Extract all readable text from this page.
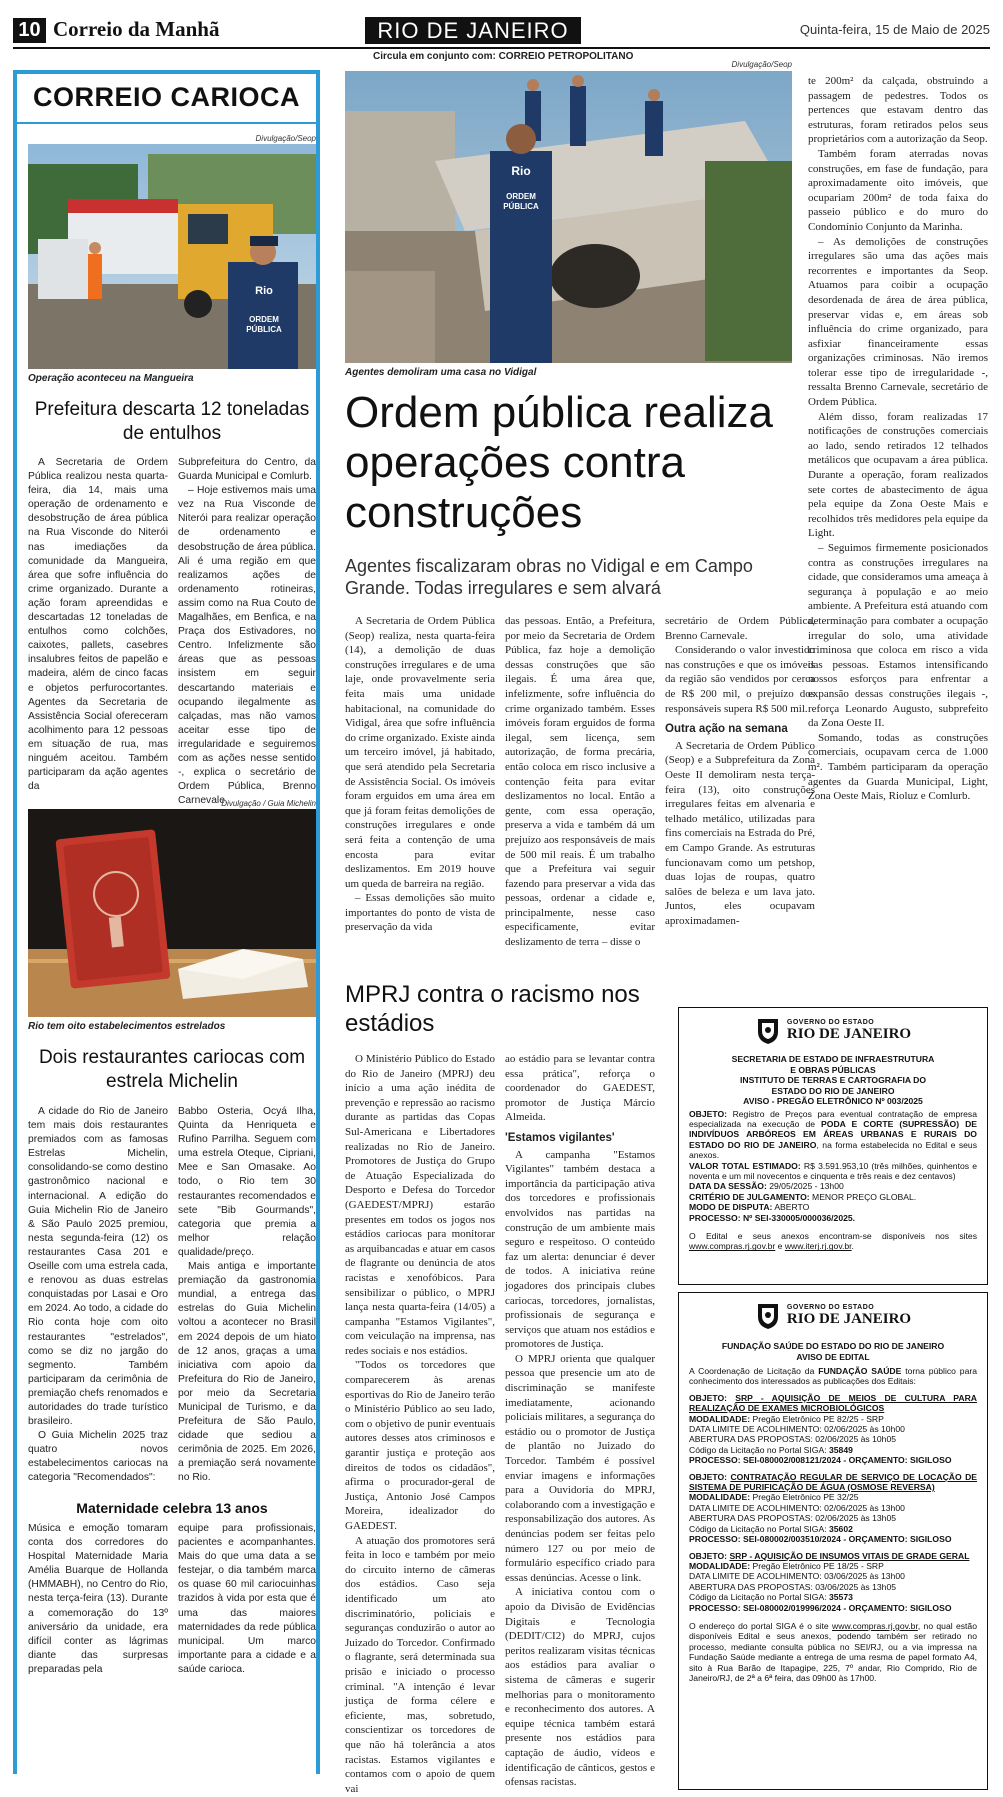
10 Correio da Manhã	RIO DE JANEIRO	Quinta-feira, 15 de Maio de 2025
Circula em conjunto com: CORREIO PETROPOLITANO
CORREIO CARIOCA
Divulgação/Seop
Rio
ORDEM
PÚBLICA
Operação aconteceu na Mangueira
Prefeitura descarta 12 toneladas de entulhos

A Secretaria de Ordem Pública realizou nesta quarta-feira, dia 14, mais uma operação de ordenamento e desobstrução de área pública na Rua Visconde do Niterói nas imediações da comunidade da Mangueira, área que sofre influência do crime organizado. Durante a ação foram apreendidas e descartadas 12 toneladas de entulhos como colchões, caixotes, pallets, casebres insalubres feitos de papelão e madeira, além de cinco facas e objetos perfurocortantes. Agentes da Secretaria de Assistência Social ofereceram acolhimento para 12 pessoas em situação de rua, mas ninguém aceitou. Também participaram da ação agentes da

Subprefeitura do Centro, da Guarda Municipal e Comlurb.

– Hoje estivemos mais uma vez na Rua Visconde de Niterói para realizar operação de ordenamento e desobstrução de área pública. Ali é uma região em que realizamos ações de ordenamento rotineiras, assim como na Rua Couto de Magalhães, em Benfica, e na Praça dos Estivadores, no Centro. Infelizmente são áreas que as pessoas insistem em seguir descartando materiais e ocupando ilegalmente as calçadas, mas não vamos aceitar esse tipo de irregularidade e seguiremos com as ações nesse sentido -, explica o secretário de Ordem Pública, Brenno Carnevale.

Divulgação / Guia Michelin
Rio tem oito estabelecimentos estrelados
Dois restaurantes cariocas com estrela Michelin

A cidade do Rio de Janeiro tem mais dois restaurantes premiados com as famosas Estrelas Michelin, consolidando-se como destino gastronômico nacional e internacional. A edição do Guia Michelin Rio de Janeiro & São Paulo 2025 premiou, nesta segunda-feira (12) os restaurantes Casa 201 e Oseille com uma estrela cada, e renovou as duas estrelas conquistadas por Lasai e Oro em 2024. Ao todo, a cidade do Rio conta hoje com oito restaurantes "estrelados", como se diz no jargão do segmento. Também participaram da cerimônia de premiação chefs renomados e autoridades do trade turístico brasileiro.

O Guia Michelin 2025 traz quatro novos estabelecimentos cariocas na categoria "Recomendados":

Babbo Osteria, Ocyá Ilha, Quinta da Henriqueta e Rufino Parrilha. Seguem com uma estrela Oteque, Cipriani, Mee e San Omasake. Ao todo, o Rio tem 30 restaurantes recomendados e sete "Bib Gourmands", categoria que premia a melhor relação qualidade/preço.

Mais antiga e importante premiação da gastronomia mundial, a entrega das estrelas do Guia Michelin voltou a acontecer no Brasil em 2024 depois de um hiato de 12 anos, graças a uma iniciativa com apoio da Prefeitura do Rio de Janeiro, por meio da Secretaria Municipal de Turismo, e da Prefeitura de São Paulo, cidade que sediou a cerimônia de 2025. Em 2026, a premiação será novamente no Rio.

Maternidade celebra 13 anos

Música e emoção tomaram conta dos corredores do Hospital Maternidade Maria Amélia Buarque de Hollanda (HMMABH), no Centro do Rio, nesta terça-feira (13). Durante a comemoração do 13º aniversário da unidade, era difícil conter as lágrimas diante das surpresas preparadas pela

equipe para profissionais, pacientes e acompanhantes. Mais do que uma data a se festejar, o dia também marca os quase 60 mil cariocuinhas trazidos à vida por esta que é uma das maiores maternidades da rede pública municipal. Um marco importante para a cidade e a saúde carioca.

Divulgação/Seop
Rio
ORDEM
PÚBLICA
Agentes demoliram uma casa no Vidigal
Ordem pública realiza operações contra construções
Agentes fiscalizaram obras no Vidigal e em Campo Grande. Todas irregulares e sem alvará

te 200m² da calçada, obstruindo a passagem de pedestres. Todos os pertences que estavam dentro das estruturas, foram retirados pelos seus proprietários com a autorização da Seop.

Também foram aterradas novas construções, em fase de fundação, para aproximadamente oito imóveis, que ocupariam 200m² de toda faixa do passeio público e do muro do Condomínio Conjunto da Marinha.

– As demolições de construções irregulares são uma das ações mais recorrentes e importantes da Seop. Atuamos para coibir a ocupação desordenada de área de área pública, preservar vidas e, em áreas sob influência do crime organizado, para asfixiar financeiramente essas organizações criminosas. Não iremos tolerar esse tipo de irregularidade -, ressalta Brenno Carnevale, secretário de Ordem Pública.

Além disso, foram realizadas 17 notificações de construções comerciais ao lado, sendo retirados 12 telhados metálicos que ocupavam a área pública. Durante a operação, foram realizados sete cortes de abastecimento de água pela equipe da Zona Oeste Mais e recolhidos três medidores pela equipe da Light.

– Seguimos firmemente posicionados contra as construções irregulares na cidade, que consideramos uma ameaça à segurança à população e ao meio ambiente. A Prefeitura está atuando com determinação para combater a ocupação irregular do solo, uma atividade criminosa que coloca em risco a vida das pessoas. Estamos intensificando nossos esforços para enfrentar a expansão dessas construções ilegais -, reforça Leonardo Augusto, subprefeito da Zona Oeste II.

Somando, todas as construções comerciais, ocupavam cerca de 1.000 m². Também participaram da operação agentes da Guarda Municipal, Light, Zona Oeste Mais, Rioluz e Comlurb.

A Secretaria de Ordem Pública (Seop) realiza, nesta quarta-feira (14), a demolição de duas construções irregulares e de uma laje, onde provavelmente seria feita mais uma unidade habitacional, na comunidade do Vidigal, área que sofre influência do crime organizado. Existe ainda um terceiro imóvel, já habitado, que será atendido pela Secretaria de Assistência Social. Os imóveis foram erguidos em uma área em que já foram feitas demolições de construções irregulares e onde será feita a contenção de uma encosta para evitar deslizamentos. Em 2019 houve um queda de barreira na região.

– Essas demolições são muito importantes do ponto de vista de preservação da vida

das pessoas. Então, a Prefeitura, por meio da Secretaria de Ordem Pública, faz hoje a demolição dessas construções que são ilegais. É uma área que, infelizmente, sofre influência do crime organizado também. Esses imóveis foram erguidos de forma ilegal, sem licença, sem autorização, de forma precária, então coloca em risco inclusive a contenção feita para evitar deslizamentos no local. Então a gente, com essa operação, preserva a vida e também dá um prejuízo aos responsáveis de mais de 500 mil reais. É um trabalho que a Prefeitura vai seguir fazendo para preservar a vida das pessoas, ordenar a cidade e, principalmente, nesse caso especificamente, evitar deslizamento de terra – disse o

secretário de Ordem Pública, Brenno Carnevale.

Considerando o valor investido nas construções e que os imóveis da região são vendidos por cerca de R$ 200 mil, o prejuízo dos responsáveis supera R$ 500 mil.

Outra ação na semana

A Secretaria de Ordem Público (Seop) e a Subprefeitura da Zona Oeste II demoliram nesta terça-feira (13), oito construções irregulares feitas em alvenaria e telhado metálico, utilizadas para fins comerciais na Estrada do Pré, em Campo Grande. As estruturas funcionavam como um petshop, duas lojas de roupas, quatro salões de beleza e um lava jato. Juntos, eles ocupavam aproximadamen-

MPRJ contra o racismo nos estádios

O Ministério Público do Estado do Rio de Janeiro (MPRJ) deu início a uma ação inédita de prevenção e repressão ao racismo durante as partidas das Copas Sul-Americana e Libertadores realizadas no Rio de Janeiro. Promotores de Justiça do Grupo de Atuação Especializada do Desporto e Defesa do Torcedor (GAEDEST/MPRJ) estarão presentes em todos os jogos nos estádios cariocas para monitorar as arquibancadas e atuar em casos de flagrante ou denúncia de atos racistas e xenofóbicos. Para sensibilizar o público, o MPRJ lança nesta quarta-feira (14/05) a campanha "Estamos Vigilantes", com veiculação na imprensa, nas redes sociais e nos estádios.

"Todos os torcedores que comparecerem às arenas esportivas do Rio de Janeiro terão o Ministério Público ao seu lado, com o objetivo de punir eventuais autores desses atos criminosos e garantir justiça e proteção aos direitos de todos os cidadãos", afirma o procurador-geral de Justiça, Antonio José Campos Moreira, idealizador do GAEDEST.

A atuação dos promotores será feita in loco e também por meio do circuito interno de câmeras dos estádios. Caso seja identificado um ato discriminatório, policiais e seguranças conduzirão o autor ao Juizado do Torcedor. Confirmado o flagrante, será determinada sua prisão e iniciado o processo criminal. "A intenção é levar justiça de forma célere e eficiente, mas, sobretudo, conscientizar os torcedores de que não há tolerância a atos racistas. Estamos vigilantes e contamos com o apoio de quem vai

ao estádio para se levantar contra essa prática", reforça o coordenador do GAEDEST, promotor de Justiça Márcio Almeida.

'Estamos vigilantes'

A campanha "Estamos Vigilantes" também destaca a importância da participação ativa dos torcedores e profissionais envolvidos nas partidas na construção de um ambiente mais seguro e respeitoso. O conteúdo faz um alerta: denunciar é dever de todos. A iniciativa reúne jogadores dos principais clubes cariocas, torcedores, jornalistas, profissionais de segurança e serviços que atuam nos estádios e promotores de Justiça.

O MPRJ orienta que qualquer pessoa que presencie um ato de discriminação se manifeste imediatamente, acionando policiais militares, a segurança do estádio ou o promotor de Justiça de plantão no Juizado do Torcedor. Também é possível enviar imagens e informações para a Ouvidoria do MPRJ, colaborando com a investigação e responsabilização dos autores. As denúncias podem ser feitas pelo número 127 ou por meio de formulário específico criado para essas denúncias. Acesse o link.

A iniciativa contou com o apoio da Divisão de Evidências Digitais e Tecnologia (DEDIT/CI2) do MPRJ, cujos peritos realizaram visitas técnicas aos estádios para avaliar o sistema de câmeras e sugerir melhorias para o monitoramento e reconhecimento dos autores. A equipe técnica também estará presente nos estádios para captação de áudio, vídeos e identificação de cânticos, gestos e ofensas racistas.

GOVERNO DO ESTADO
RIO DE JANEIRO
SECRETARIA DE ESTADO DE INFRAESTRUTURA
E OBRAS PÚBLICAS
INSTITUTO DE TERRAS E CARTOGRAFIA DO
ESTADO DO RIO DE JANEIRO
AVISO - PREGÃO ELETRÔNICO Nº 003/2025
OBJETO: Registro de Preços para eventual contratação de empresa especializada na execução de PODA E CORTE (SUPRESSÃO) DE INDIVÍDUOS ARBÓREOS EM ÁREAS URBANAS E RURAIS DO ESTADO DO RIO DE JANEIRO, na forma estabelecida no Edital e seus anexos.
VALOR TOTAL ESTIMADO: R$ 3.591.953,10 (três milhões, quinhentos e noventa e um mil novecentos e cinquenta e três reais e dez centavos)
DATA DA SESSÃO: 29/05/2025 - 13h00
CRITÉRIO DE JULGAMENTO: MENOR PREÇO GLOBAL.
MODO DE DISPUTA: ABERTO
PROCESSO: Nº SEI-330005/000036/2025.
O Edital e seus anexos encontram-se disponíveis nos sites www.compras.rj.gov.br e www.iterj.rj.gov.br.
GOVERNO DO ESTADO
RIO DE JANEIRO
FUNDAÇÃO SAÚDE DO ESTADO DO RIO DE JANEIRO
AVISO DE EDITAL
A Coordenação de Licitação da FUNDAÇÃO SAÚDE torna público para conhecimento dos interessados as publicações dos Editais:
OBJETO: SRP - AQUISIÇÃO DE MEIOS DE CULTURA PARA REALIZAÇÃO DE EXAMES MICROBIOLÓGICOS
MODALIDADE: Pregão Eletrônico PE 82/25 - SRP
DATA LIMITE DE ACOLHIMENTO: 02/06/2025 às 10h00
ABERTURA DAS PROPOSTAS: 02/06/2025 às 10h05
Código da Licitação no Portal SIGA: 35849
PROCESSO: SEI-080002/008121/2024 - ORÇAMENTO: SIGILOSO
OBJETO: CONTRATAÇÃO REGULAR DE SERVIÇO DE LOCAÇÃO DE SISTEMA DE PURIFICAÇÃO DE ÁGUA (OSMOSE REVERSA)
MODALIDADE: Pregão Eletrônico PE 32/25
DATA LIMITE DE ACOLHIMENTO: 02/06/2025 às 13h00
ABERTURA DAS PROPOSTAS: 02/06/2025 às 13h05
Código da Licitação no Portal SIGA: 35602
PROCESSO: SEI-080002/003510/2024 - ORÇAMENTO: SIGILOSO
OBJETO: SRP - AQUISIÇÃO DE INSUMOS VITAIS DE GRADE GERAL
MODALIDADE: Pregão Eletrônico PE 18/25 - SRP
DATA LIMITE DE ACOLHIMENTO: 03/06/2025 às 13h00
ABERTURA DAS PROPOSTAS: 03/06/2025 às 13h05
Código da Licitação no Portal SIGA: 35573
PROCESSO: SEI-080002/019996/2024 - ORÇAMENTO: SIGILOSO
O endereço do portal SIGA é o site www.compras.rj.gov.br, no qual estão disponíveis Edital e seus anexos, podendo também ser retirado no processo, mediante consulta pública no SEI/RJ, ou a via impressa na Fundação Saúde mediante a entrega de uma resma de papel formato A4, sito à Rua Barão de Itapagipe, 225, 7º andar, Rio Comprido, Rio de Janeiro/RJ, de 2ª a 6ª feira, das 09h00 às 17h00.
